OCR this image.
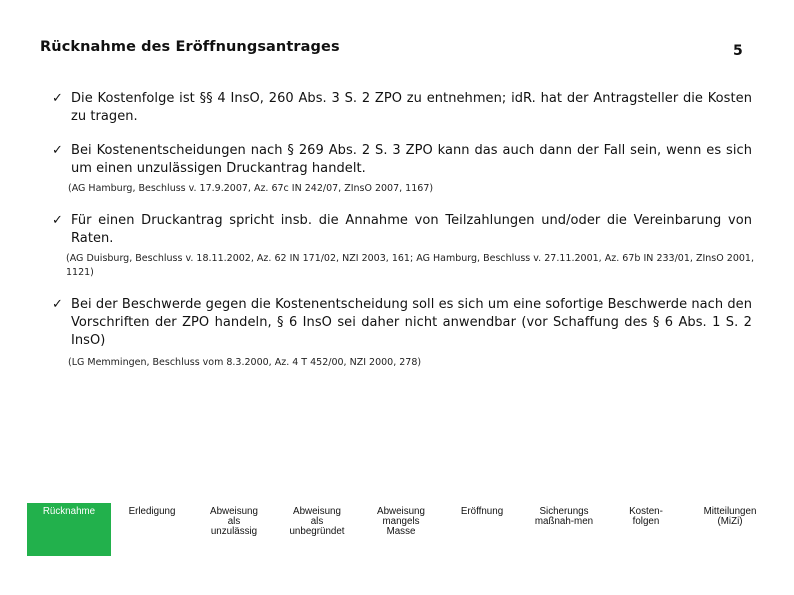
Rücknahme des Eröffnungsantrages	5
✓ Die Kostenfolge ist §§ 4 InsO, 260 Abs. 3 S. 2 ZPO zu entnehmen; idR. hat der Antragsteller die Kosten zu tragen.
✓ Bei Kostenentscheidungen nach § 269 Abs. 2 S. 3 ZPO kann das auch dann der Fall sein, wenn es sich um einen unzulässigen Druckantrag handelt.
(AG Hamburg, Beschluss v. 17.9.2007, Az. 67c IN 242/07, ZInsO 2007, 1167)
✓ Für einen Druckantrag spricht insb. die Annahme von Teilzahlungen und/oder die Vereinbarung von Raten.
(AG Duisburg, Beschluss v. 18.11.2002, Az. 62 IN 171/02, NZI 2003, 161; AG Hamburg, Beschluss v. 27.11.2001, Az. 67b IN 233/01, ZInsO 2001, 1121)
✓ Bei der Beschwerde gegen die Kostenentscheidung soll es sich um eine sofortige Beschwerde nach den Vorschriften der ZPO handeln, § 6 InsO sei daher nicht anwendbar (vor Schaffung des § 6 Abs. 1 S. 2 InsO)
(LG Memmingen, Beschluss vom 8.3.2000, Az. 4 T 452/00, NZI 2000, 278)
Rücknahme	Erledigung	Abweisung
als
unzulässig
Abweisung
als
unbegründet
Abweisung
mangels
Masse
Eröffnung	Sicherungs
maßnah-men
Kosten-
folgen
Mitteilungen
(MiZi)
